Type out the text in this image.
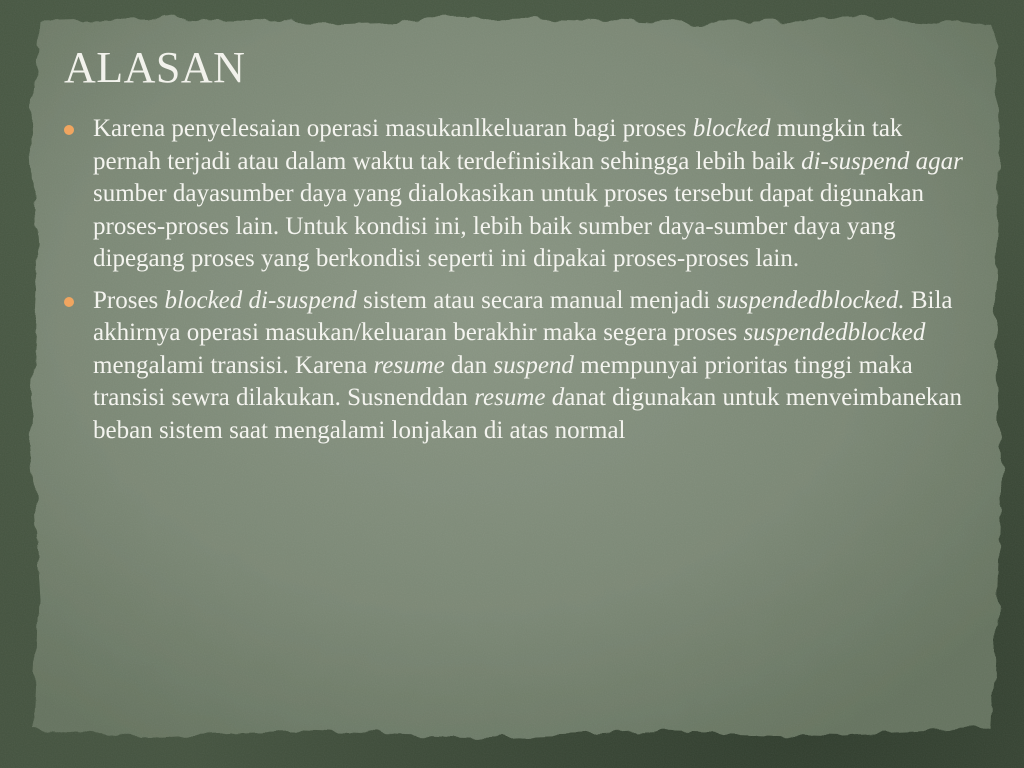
ALASAN
Karena penyelesaian operasi masukanlkeluaran bagi proses blocked mungkin tak pernah terjadi atau dalam waktu tak terdefinisikan sehingga lebih baik di-suspend agar sumber dayasumber daya yang dialokasikan untuk proses tersebut dapat digunakan proses-proses lain. Untuk kondisi ini, lebih baik sumber daya-sumber daya yang dipegang proses yang berkondisi seperti ini dipakai proses-proses lain.
Proses blocked di-suspend sistem atau secara manual menjadi suspendedblocked. Bila akhirnya operasi masukan/keluaran berakhir maka segera proses suspendedblocked mengalami transisi. Karena resume dan suspend mempunyai prioritas tinggi maka transisi sewra dilakukan. Susnenddan resume danat digunakan untuk menveimbanekan beban sistem saat mengalami lonjakan di atas normal
